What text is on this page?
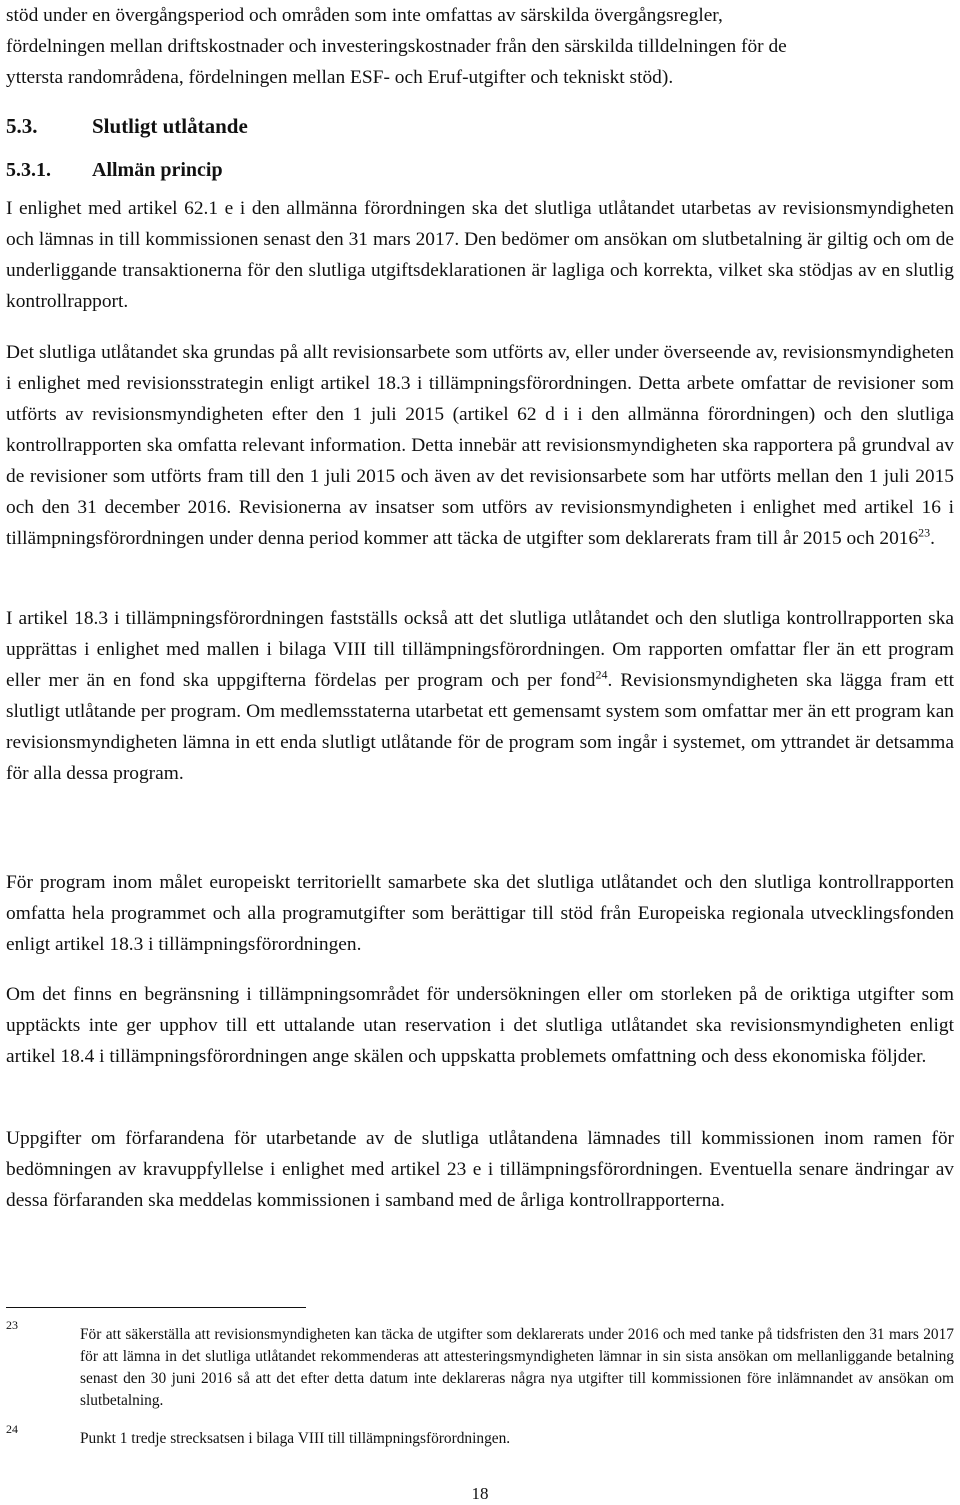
stöd under en övergångsperiod och områden som inte omfattas av särskilda övergångsregler,

fördelningen mellan driftskostnader och investeringskostnader från den särskilda tilldelningen för de

yttersta randområdena, fördelningen mellan ESF- och Eruf-utgifter och tekniskt stöd).

5.3.	Slutligt utlåtande
5.3.1. Allmän princip

I enlighet med artikel 62.1 e i den allmänna förordningen ska det slutliga utlåtandet utarbetas av revisionsmyndigheten och lämnas in till kommissionen senast den 31 mars 2017. Den bedömer om ansökan om slutbetalning är giltig och om de underliggande transaktionerna för den slutliga utgiftsdeklarationen är lagliga och korrekta, vilket ska stödjas av en slutlig kontrollrapport.

Det slutliga utlåtandet ska grundas på allt revisionsarbete som utförts av, eller under överseende av, revisionsmyndigheten i enlighet med revisionsstrategin enligt artikel 18.3 i tillämpningsförordningen. Detta arbete omfattar de revisioner som utförts av revisionsmyndigheten efter den 1 juli 2015 (artikel 62 d i i den allmänna förordningen) och den slutliga kontrollrapporten ska omfatta relevant information. Detta innebär att revisionsmyndigheten ska rapportera på grundval av de revisioner som utförts fram till den 1 juli 2015 och även av det revisionsarbete som har utförts mellan den 1 juli 2015 och den 31 december 2016. Revisionerna av insatser som utförs av revisionsmyndigheten i enlighet med artikel 16 i tillämpningsförordningen under denna period kommer att täcka de utgifter som deklarerats fram till år 2015 och 2016$^{23}$.

I artikel 18.3 i tillämpningsförordningen fastställs också att det slutliga utlåtandet och den slutliga kontrollrapporten ska upprättas i enlighet med mallen i bilaga VIII till tillämpningsförordningen. Om rapporten omfattar fler än ett program eller mer än en fond ska uppgifterna fördelas per program och per fond$^{24}$. Revisionsmyndigheten ska lägga fram ett slutligt utlåtande per program. Om medlemsstaterna utarbetat ett gemensamt system som omfattar mer än ett program kan revisionsmyndigheten lämna in ett enda slutligt utlåtande för de program som ingår i systemet, om yttrandet är detsamma för alla dessa program.

För program inom målet europeiskt territoriellt samarbete ska det slutliga utlåtandet och den slutliga kontrollrapporten omfatta hela programmet och alla programutgifter som berättigar till stöd från Europeiska regionala utvecklingsfonden enligt artikel 18.3 i tillämpningsförordningen.

Om det finns en begränsning i tillämpningsområdet för undersökningen eller om storleken på de oriktiga utgifter som upptäckts inte ger upphov till ett uttalande utan reservation i det slutliga utlåtandet ska revisionsmyndigheten enligt artikel 18.4 i tillämpningsförordningen ange skälen och uppskatta problemets omfattning och dess ekonomiska följder.

Uppgifter om förfarandena för utarbetande av de slutliga utlåtandena lämnades till kommissionen inom ramen för bedömningen av kravuppfyllelse i enlighet med artikel 23 e i tillämpningsförordningen. Eventuella senare ändringar av dessa förfaranden ska meddelas kommissionen i samband med de årliga kontrollrapporterna.

23
För att säkerställa att revisionsmyndigheten kan täcka de utgifter som deklarerats under 2016 och med tanke på tidsfristen den 31 mars 2017 för att lämna in det slutliga utlåtandet rekommenderas att attesteringsmyndigheten lämnar in sin sista ansökan om mellanliggande betalning senast den 30 juni 2016 så att det efter detta datum inte deklareras några nya utgifter till kommissionen före inlämnandet av ansökan om slutbetalning.
24
Punkt 1 tredje strecksatsen i bilaga VIII till tillämpningsförordningen.
18
